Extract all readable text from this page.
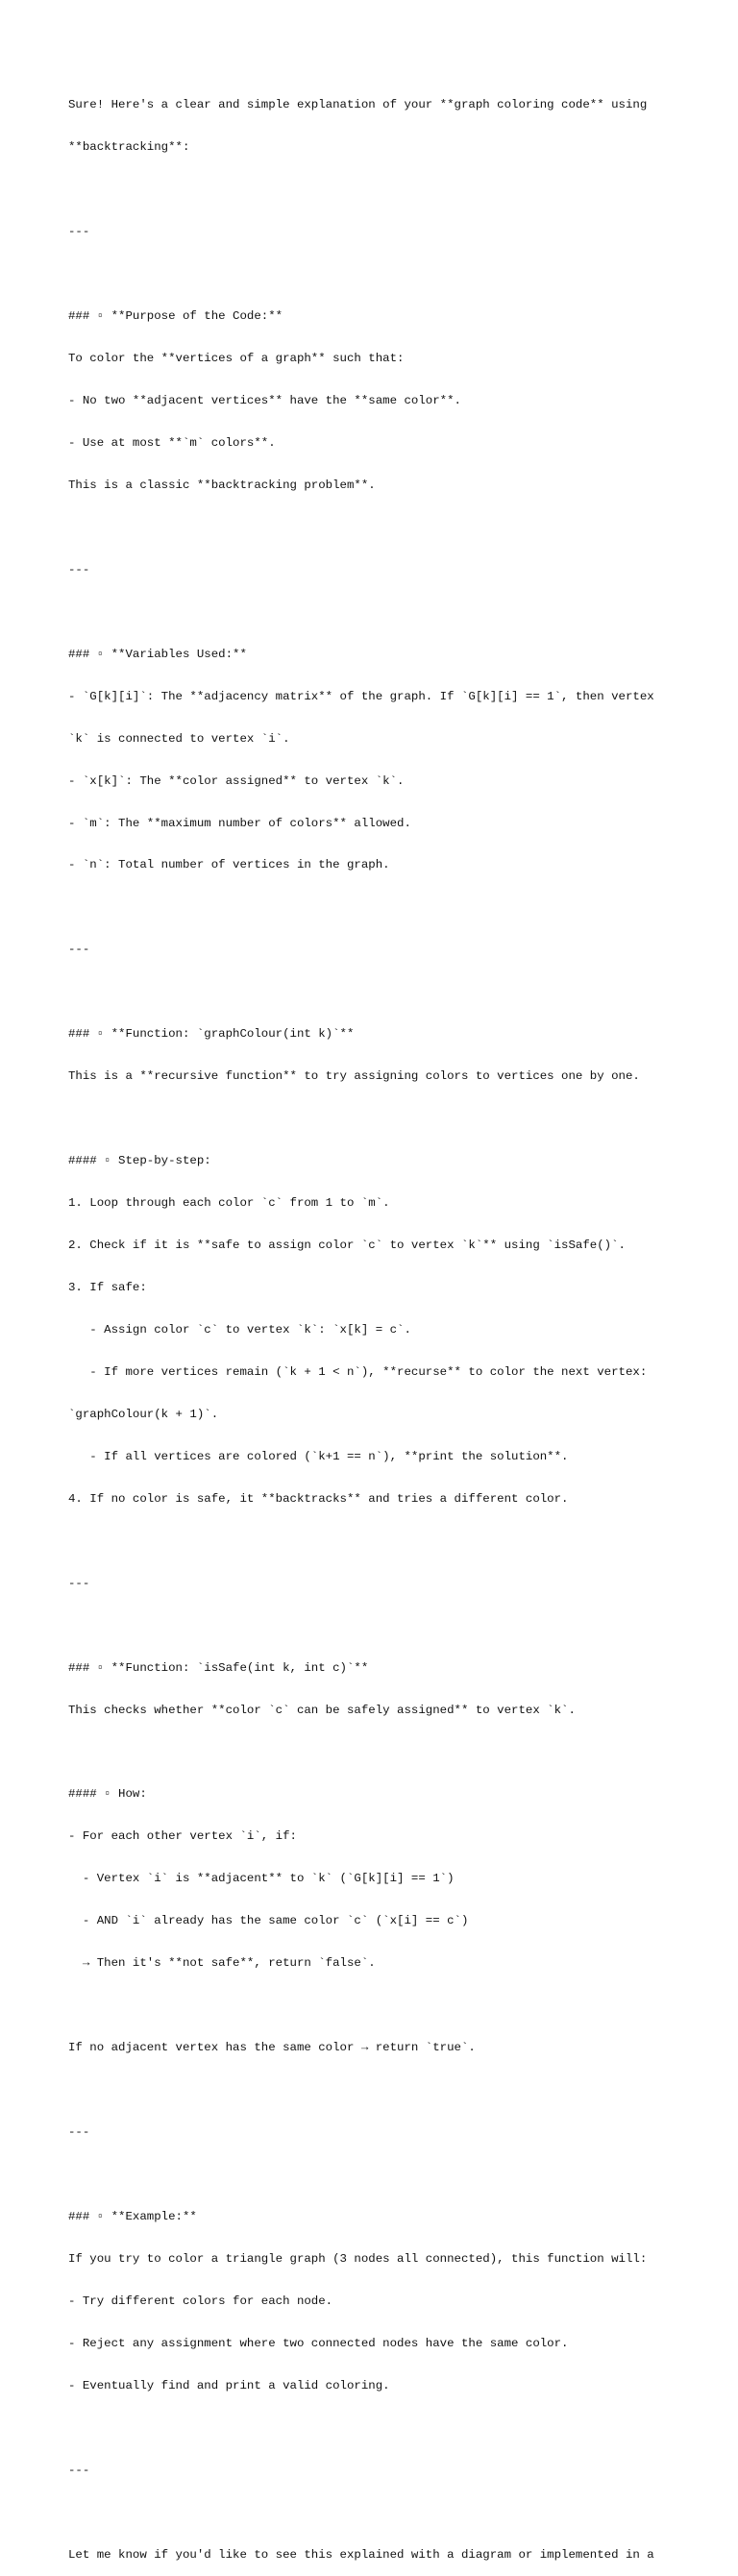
Sure! Here's a clear and simple explanation of your **graph coloring code** using

**backtracking**:

---

### ▫ **Purpose of the Code:**

To color the **vertices of a graph** such that:

- No two **adjacent vertices** have the **same color**.

- Use at most **`m` colors**.

This is a classic **backtracking problem**.

---

### ▫ **Variables Used:**

- `G[k][i]`: The **adjacency matrix** of the graph. If `G[k][i] == 1`, then vertex

`k` is connected to vertex `i`.

- `x[k]`: The **color assigned** to vertex `k`.

- `m`: The **maximum number of colors** allowed.

- `n`: Total number of vertices in the graph.

---

### ▫ **Function: `graphColour(int k)`**

This is a **recursive function** to try assigning colors to vertices one by one.

#### ▫ Step-by-step:

1. Loop through each color `c` from 1 to `m`.

2. Check if it is **safe to assign color `c` to vertex `k`** using `isSafe()`.

3. If safe:

- Assign color `c` to vertex `k`: `x[k] = c`.

- If more vertices remain (`k + 1 < n`), **recurse** to color the next vertex:

`graphColour(k + 1)`.

- If all vertices are colored (`k+1 == n`), **print the solution**.

4. If no color is safe, it **backtracks** and tries a different color.

---

### ▫ **Function: `isSafe(int k, int c)`**

This checks whether **color `c` can be safely assigned** to vertex `k`.

#### ▫ How:

- For each other vertex `i`, if:

- Vertex `i` is **adjacent** to `k` (`G[k][i] == 1`)

- AND `i` already has the same color `c` (`x[i] == c`)

→ Then it's **not safe**, return `false`.

If no adjacent vertex has the same color → return `true`.

---

### ▫ **Example:**

If you try to color a triangle graph (3 nodes all connected), this function will:

- Try different colors for each node.

- Reject any assignment where two connected nodes have the same color.

- Eventually find and print a valid coloring.

---

Let me know if you'd like to see this explained with a diagram or implemented in a
